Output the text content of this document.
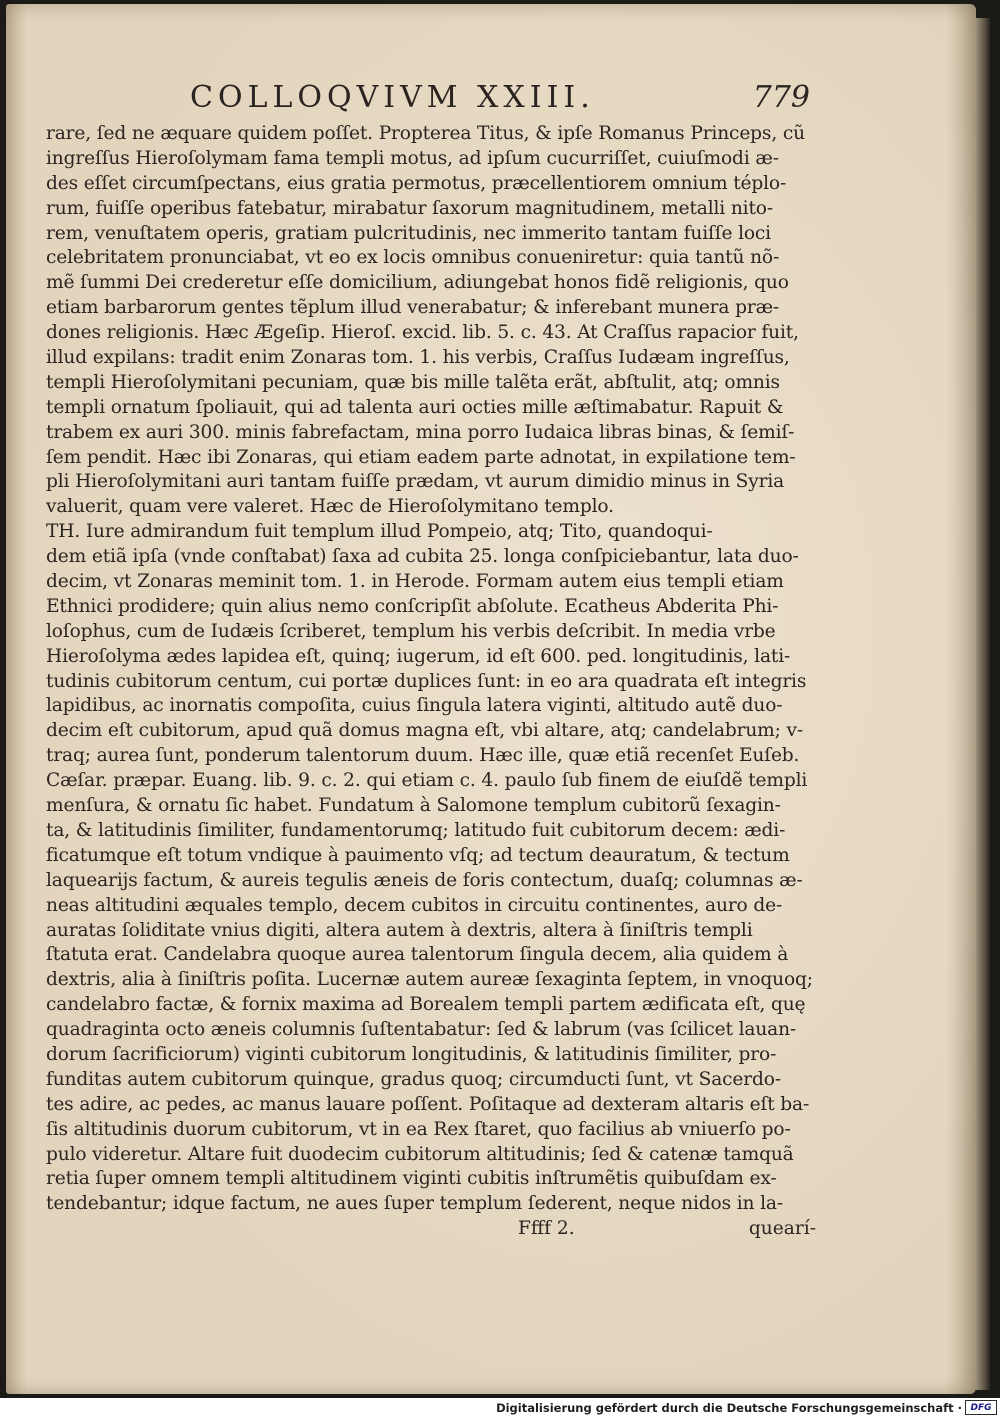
COLLOQVIVM XXIII.	779
rare, ſed ne æquare quidem poſſet. Propterea Titus, & ipſe Romanus Princeps, cũ
ingreſſus Hieroſolymam fama templi motus, ad ipſum cucurriſſet, cuiuſmodi æ-
des eſſet circumſpectans, eius gratia permotus, præcellentiorem omnium téplo-
rum, fuiſſe operibus fatebatur, mirabatur ſaxorum magnitudinem, metalli nito-
rem, venuſtatem operis, gratiam pulcritudinis, nec immerito tantam fuiſſe loci
celebritatem pronunciabat, vt eo ex locis omnibus conueniretur: quia tantũ nõ-
mẽ ſummi Dei crederetur eſſe domicilium, adiungebat honos fidẽ religionis, quo
etiam barbarorum gentes tẽplum illud venerabatur; & inferebant munera præ-
dones religionis. Hæc Ægeſip. Hieroſ. excid. lib. 5. c. 43. At Craſſus rapacior fuit,
illud expilans: tradit enim Zonaras tom. 1. his verbis, Craſſus Iudæam ingreſſus,
templi Hieroſolymitani pecuniam, quæ bis mille talẽta erãt, abſtulit, atq; omnis
templi ornatum ſpoliauit, qui ad talenta auri octies mille æſtimabatur. Rapuit &
trabem ex auri 300. minis fabrefactam, mina porro Iudaica libras binas, & ſemiſ-
ſem pendit. Hæc ibi Zonaras, qui etiam eadem parte adnotat, in expilatione tem-
pli Hieroſolymitani auri tantam fuiſſe prædam, vt aurum dimidio minus in Syria
valuerit, quam vere valeret. Hæc de Hieroſolymitano templo.
TH. Iure admirandum fuit templum illud Pompeio, atq; Tito, quandoqui-
dem etiã ipſa (vnde conſtabat) ſaxa ad cubita 25. longa conſpiciebantur, lata duo-
decim, vt Zonaras meminit tom. 1. in Herode. Formam autem eius templi etiam
Ethnici prodidere; quin alius nemo conſcripſit abſolute. Ecatheus Abderita Phi-
loſophus, cum de Iudæis ſcriberet, templum his verbis deſcribit. In media vrbe
Hieroſolyma ædes lapidea eſt, quinq; iugerum, id eſt 600. ped. longitudinis, lati-
tudinis cubitorum centum, cui portæ duplices ſunt: in eo ara quadrata eſt integris
lapidibus, ac inornatis compoſita, cuius ſingula latera viginti, altitudo autẽ duo-
decim eſt cubitorum, apud quã domus magna eſt, vbi altare, atq; candelabrum; v-
traq; aurea ſunt, ponderum talentorum duum. Hæc ille, quæ etiã recenſet Euſeb.
Cæſar. præpar. Euang. lib. 9. c. 2. qui etiam c. 4. paulo ſub finem de eiuſdẽ templi
menſura, & ornatu ſic habet. Fundatum à Salomone templum cubitorũ ſexagin-
ta, & latitudinis ſimiliter, fundamentorumq; latitudo fuit cubitorum decem: ædi-
ficatumque eſt totum vndique à pauimento vſq; ad tectum deauratum, & tectum
laquearijs factum, & aureis tegulis æneis de foris contectum, duaſq; columnas æ-
neas altitudini æquales templo, decem cubitos in circuitu continentes, auro de-
auratas ſoliditate vnius digiti, altera autem à dextris, altera à ſiniſtris templi
ſtatuta erat. Candelabra quoque aurea talentorum ſingula decem, alia quidem à
dextris, alia à ſiniſtris poſita. Lucernæ autem aureæ ſexaginta ſeptem, in vnoquoq;
candelabro factæ, & fornix maxima ad Borealem templi partem ædificata eſt, quę
quadraginta octo æneis columnis ſuſtentabatur: ſed & labrum (vas ſcilicet lauan-
dorum ſacrificiorum) viginti cubitorum longitudinis, & latitudinis ſimiliter, pro-
funditas autem cubitorum quinque, gradus quoq; circumducti ſunt, vt Sacerdo-
tes adire, ac pedes, ac manus lauare poſſent. Poſitaque ad dexteram altaris eſt ba-
ſis altitudinis duorum cubitorum, vt in ea Rex ſtaret, quo facilius ab vniuerſo po-
pulo videretur. Altare fuit duodecim cubitorum altitudinis; ſed & catenæ tamquã
retia ſuper omnem templi altitudinem viginti cubitis inſtrumẽtis quibuſdam ex-
tendebantur; idque factum, ne aues ſuper templum ſederent, neque nidos in la-
Ffff 2.	quearí-
Digitalisierung gefördert durch die Deutsche Forschungsgemeinschaft · DFG
